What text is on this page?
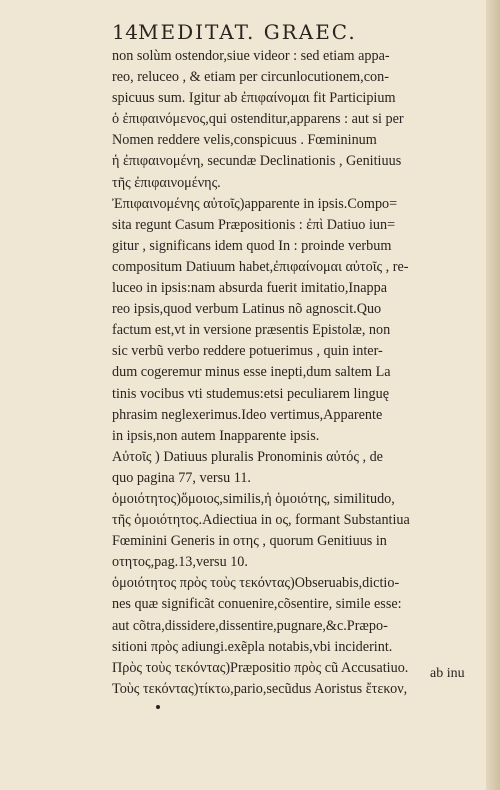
14 MEDITAT. GRAEC.
non solùm ostendor,siue videor : sed etiam appa-
reo, reluceo , & etiam per circunlocutionem,con-
spicuus sum. Igitur ab ἐπιφαίνομαι fit Participium
ὁ ἐπιφαινόμενος,qui ostenditur,apparens : aut si per
Nomen reddere velis,conspicuus . Fœmininum
ἡ ἐπιφαινομένη, secundæ Declinationis , Genitiuus
τῆς ἐπιφαινομένης.
Ἐπιφαινομένης αὐτοῖς)apparente in ipsis.Compo=
sita regunt Casum Præpositionis : ἐπὶ Datiuo iun=
gitur , significans idem quod In : proinde verbum
compositum Datiuum habet,ἐπιφαίνομαι αὐτοῖς , re-
luceo in ipsis:nam absurda fuerit imitatio,Inappa
reo ipsis,quod verbum Latinus nõ agnoscit.Quo
factum est,vt in versione præsentis Epistolæ, non
sic verbũ verbo reddere potuerimus , quin inter-
dum cogeremur minus esse inepti,dum saltem La
tinis vocibus vti studemus:etsi peculiarem linguę
phrasim neglexerimus.Ideo vertimus,Apparente
in ipsis,non autem Inapparente ipsis.
Αὐτοῖς ) Datiuus pluralis Pronominis αὐτός , de
quo pagina 77, versu 11.
ὁμοιότητος)ὅμοιος,similis,ἡ ὁμοιότης, similitudo,
τῆς ὁμοιότητος.Adiectiua in ος, formant Substantiua
Fœminini Generis in οτης , quorum Genitiuus in
οτητος,pag.13,versu 10.
ὁμοιότητος πρὸς τοὺς τεκόντας)Obseruabis,dictio-
nes quæ significãt conuenire,cõsentire, simile esse:
aut cõtra,dissidere,dissentire,pugnare,&c.Præpo-
sitioni πρὸς adiungi.exẽpla notabis,vbi inciderint.
Πρὸς τοὺς τεκόντας)Præpositio πρὸς cũ Accusatiuo.
Τοὺς τεκόντας)τίκτω,pario,secũdus Aoristus ἔτεκον,
ab inu
